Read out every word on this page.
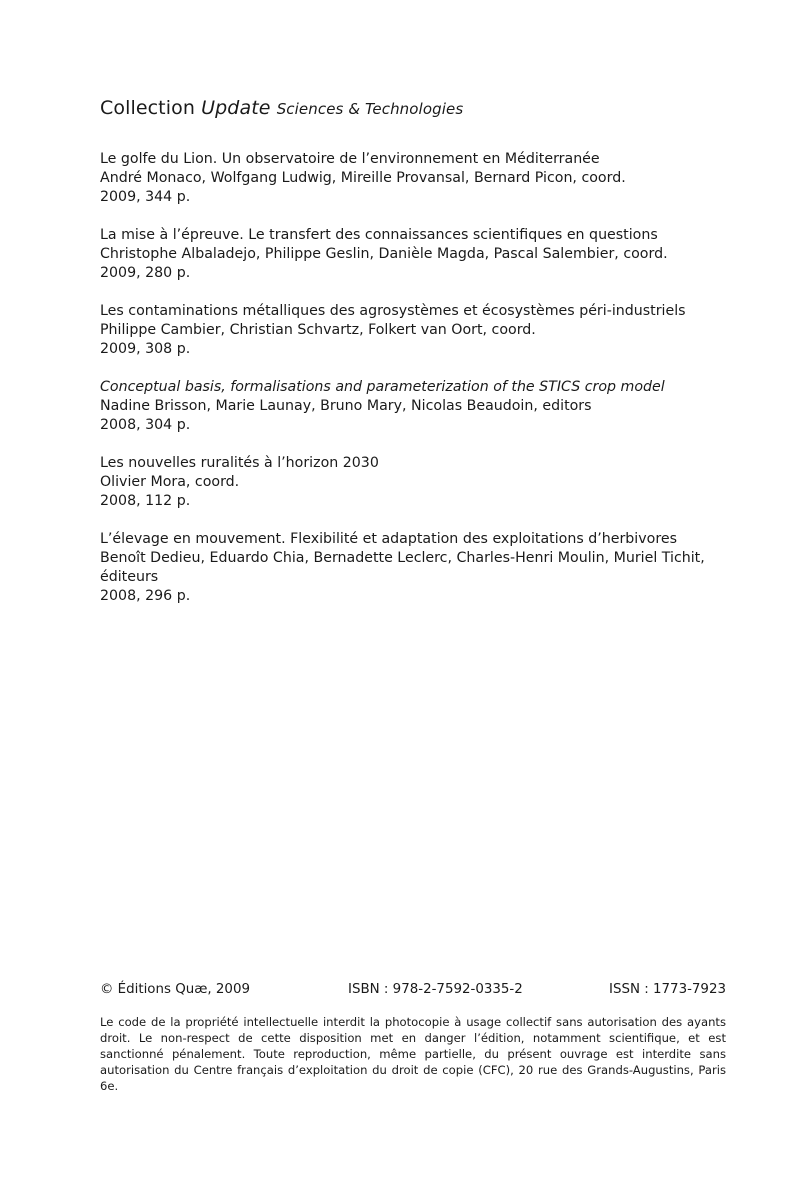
Collection Update Sciences & Technologies
Le golfe du Lion. Un observatoire de l’environnement en Méditerranée
André Monaco, Wolfgang Ludwig, Mireille Provansal, Bernard Picon, coord.
2009, 344 p.
La mise à l’épreuve. Le transfert des connaissances scientifiques en questions
Christophe Albaladejo, Philippe Geslin, Danièle Magda, Pascal Salembier, coord.
2009, 280 p.
Les contaminations métalliques des agrosystèmes et écosystèmes péri-industriels
Philippe Cambier, Christian Schvartz, Folkert van Oort, coord.
2009, 308 p.
Conceptual basis, formalisations and parameterization of the STICS crop model
Nadine Brisson, Marie Launay, Bruno Mary, Nicolas Beaudoin, editors
2008, 304 p.
Les nouvelles ruralités à l’horizon 2030
Olivier Mora, coord.
2008, 112 p.
L’élevage en mouvement. Flexibilité et adaptation des exploitations d’herbivores
Benoît Dedieu, Eduardo Chia, Bernadette Leclerc, Charles-Henri Moulin, Muriel Tichit, éditeurs
2008, 296 p.
© Éditions Quæ, 2009	ISBN : 978-2-7592-0335-2	ISSN : 1773-7923
Le code de la propriété intellectuelle interdit la photocopie à usage collectif sans autorisation des ayants droit. Le non-respect de cette disposition met en danger l’édition, notamment scientifique, et est sanctionné pénalement. Toute reproduction, même partielle, du présent ouvrage est interdite sans autorisation du Centre français d’exploitation du droit de copie (CFC), 20 rue des Grands-Augustins, Paris 6e.
